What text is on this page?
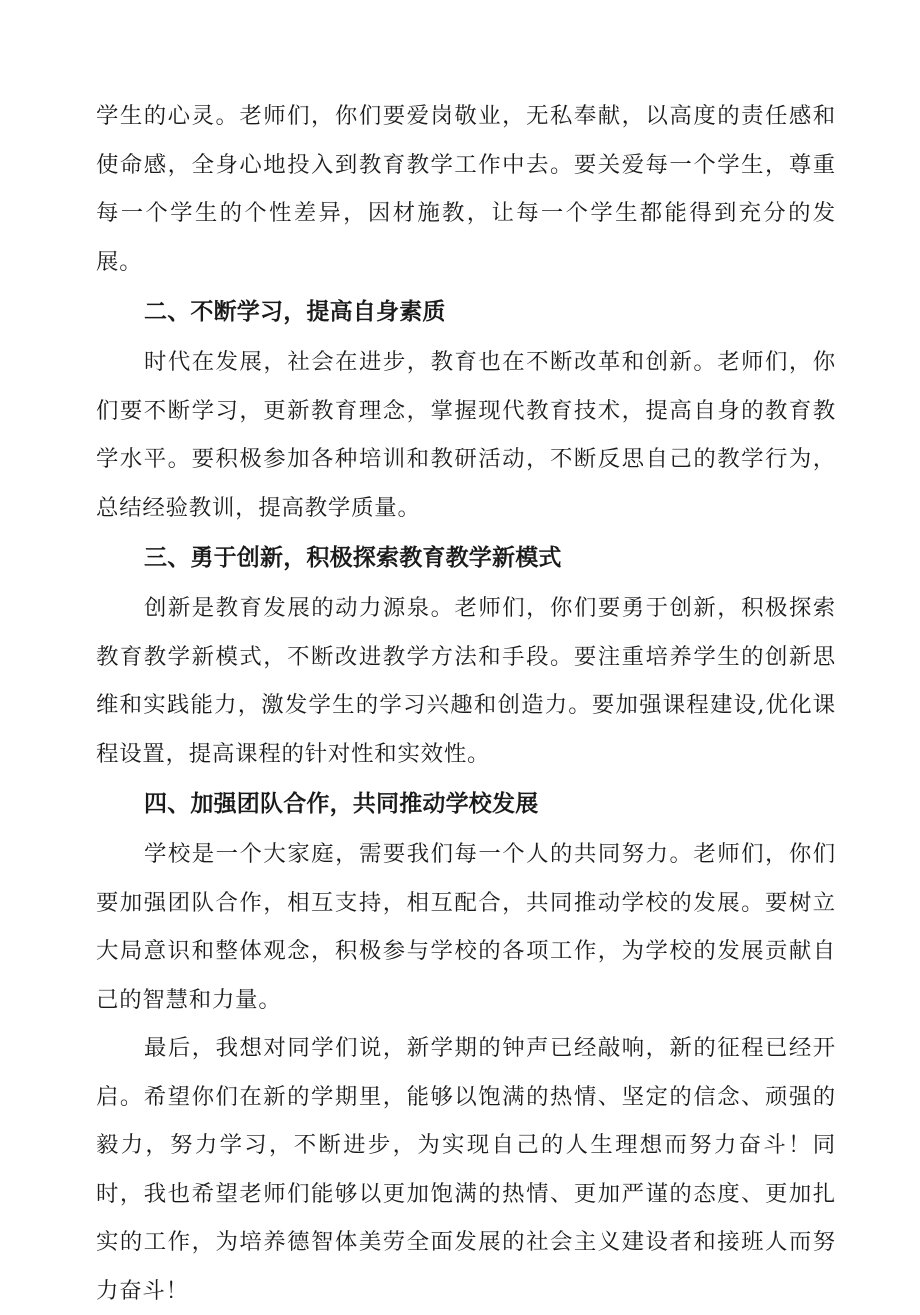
学生的心灵。老师们，你们要爱岗敬业，无私奉献，以高度的责任感和使命感，全身心地投入到教育教学工作中去。要关爱每一个学生，尊重每一个学生的个性差异，因材施教，让每一个学生都能得到充分的发展。

二、不断学习，提高自身素质

时代在发展，社会在进步，教育也在不断改革和创新。老师们，你们要不断学习，更新教育理念，掌握现代教育技术，提高自身的教育教学水平。要积极参加各种培训和教研活动，不断反思自己的教学行为，总结经验教训，提高教学质量。

三、勇于创新，积极探索教育教学新模式

创新是教育发展的动力源泉。老师们，你们要勇于创新，积极探索教育教学新模式，不断改进教学方法和手段。要注重培养学生的创新思维和实践能力，激发学生的学习兴趣和创造力。要加强课程建设,优化课程设置，提高课程的针对性和实效性。

四、加强团队合作，共同推动学校发展

学校是一个大家庭，需要我们每一个人的共同努力。老师们，你们要加强团队合作，相互支持，相互配合，共同推动学校的发展。要树立大局意识和整体观念，积极参与学校的各项工作，为学校的发展贡献自己的智慧和力量。

最后，我想对同学们说，新学期的钟声已经敲响，新的征程已经开启。希望你们在新的学期里，能够以饱满的热情、坚定的信念、顽强的毅力，努力学习，不断进步，为实现自己的人生理想而努力奋斗！同时，我也希望老师们能够以更加饱满的热情、更加严谨的态度、更加扎实的工作，为培养德智体美劳全面发展的社会主义建设者和接班人而努力奋斗！
